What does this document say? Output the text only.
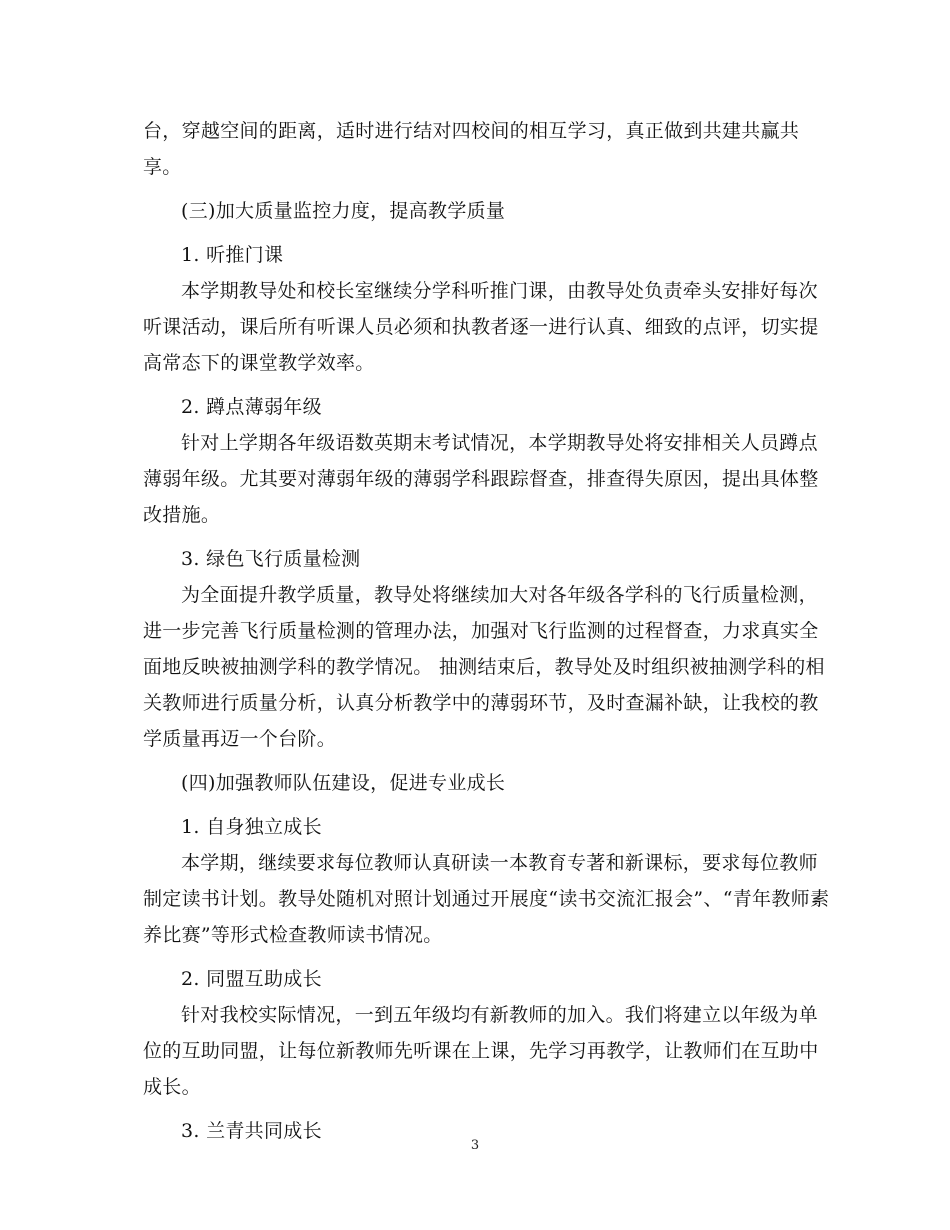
台，穿越空间的距离，适时进行结对四校间的相互学习，真正做到共建共赢共
享。
(三)加大质量监控力度，提高教学质量
1. 听推门课
本学期教导处和校长室继续分学科听推门课，由教导处负责牵头安排好每次
听课活动，课后所有听课人员必须和执教者逐一进行认真、细致的点评，切实提
高常态下的课堂教学效率。
2. 蹲点薄弱年级
针对上学期各年级语数英期末考试情况，本学期教导处将安排相关人员蹲点
薄弱年级。尤其要对薄弱年级的薄弱学科跟踪督查，排查得失原因，提出具体整
改措施。
3. 绿色飞行质量检测
为全面提升教学质量，教导处将继续加大对各年级各学科的飞行质量检测，
进一步完善飞行质量检测的管理办法，加强对飞行监测的过程督查，力求真实全
面地反映被抽测学科的教学情况。 抽测结束后，教导处及时组织被抽测学科的相
关教师进行质量分析，认真分析教学中的薄弱环节，及时查漏补缺，让我校的教
学质量再迈一个台阶。
(四)加强教师队伍建设，促进专业成长
1. 自身独立成长
本学期，继续要求每位教师认真研读一本教育专著和新课标，要求每位教师
制定读书计划。教导处随机对照计划通过开展度“读书交流汇报会”、“青年教师素
养比赛”等形式检查教师读书情况。
2. 同盟互助成长
针对我校实际情况，一到五年级均有新教师的加入。我们将建立以年级为单
位的互助同盟，让每位新教师先听课在上课，先学习再教学，让教师们在互助中
成长。
3. 兰青共同成长
3
